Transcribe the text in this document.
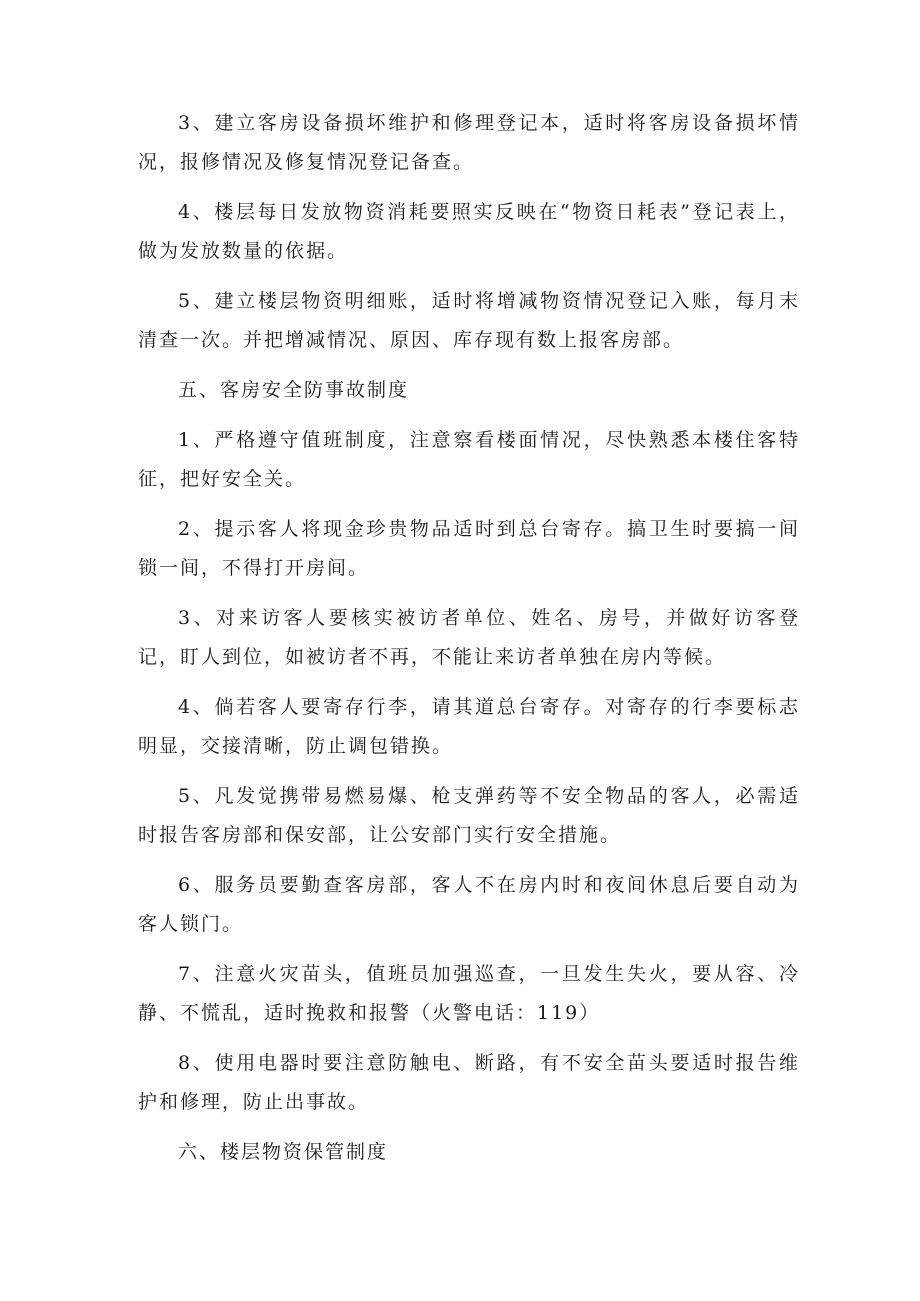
3、建立客房设备损坏维护和修理登记本，适时将客房设备损坏情况，报修情况及修复情况登记备查。

4、楼层每日发放物资消耗要照实反映在“物资日耗表”登记表上，做为发放数量的依据。

5、建立楼层物资明细账，适时将增减物资情况登记入账，每月末清查一次。并把增减情况、原因、库存现有数上报客房部。

五、客房安全防事故制度

1、严格遵守值班制度，注意察看楼面情况，尽快熟悉本楼住客特征，把好安全关。

2、提示客人将现金珍贵物品适时到总台寄存。搞卫生时要搞一间锁一间，不得打开房间。

3、对来访客人要核实被访者单位、姓名、房号，并做好访客登记，盯人到位，如被访者不再，不能让来访者单独在房内等候。

4、倘若客人要寄存行李，请其道总台寄存。对寄存的行李要标志明显，交接清晰，防止调包错换。

5、凡发觉携带易燃易爆、枪支弹药等不安全物品的客人，必需适时报告客房部和保安部，让公安部门实行安全措施。

6、服务员要勤查客房部，客人不在房内时和夜间休息后要自动为客人锁门。

7、注意火灾苗头，值班员加强巡查，一旦发生失火，要从容、冷静、不慌乱，适时挽救和报警（火警电话：119）

8、使用电器时要注意防触电、断路，有不安全苗头要适时报告维护和修理，防止出事故。

六、楼层物资保管制度
